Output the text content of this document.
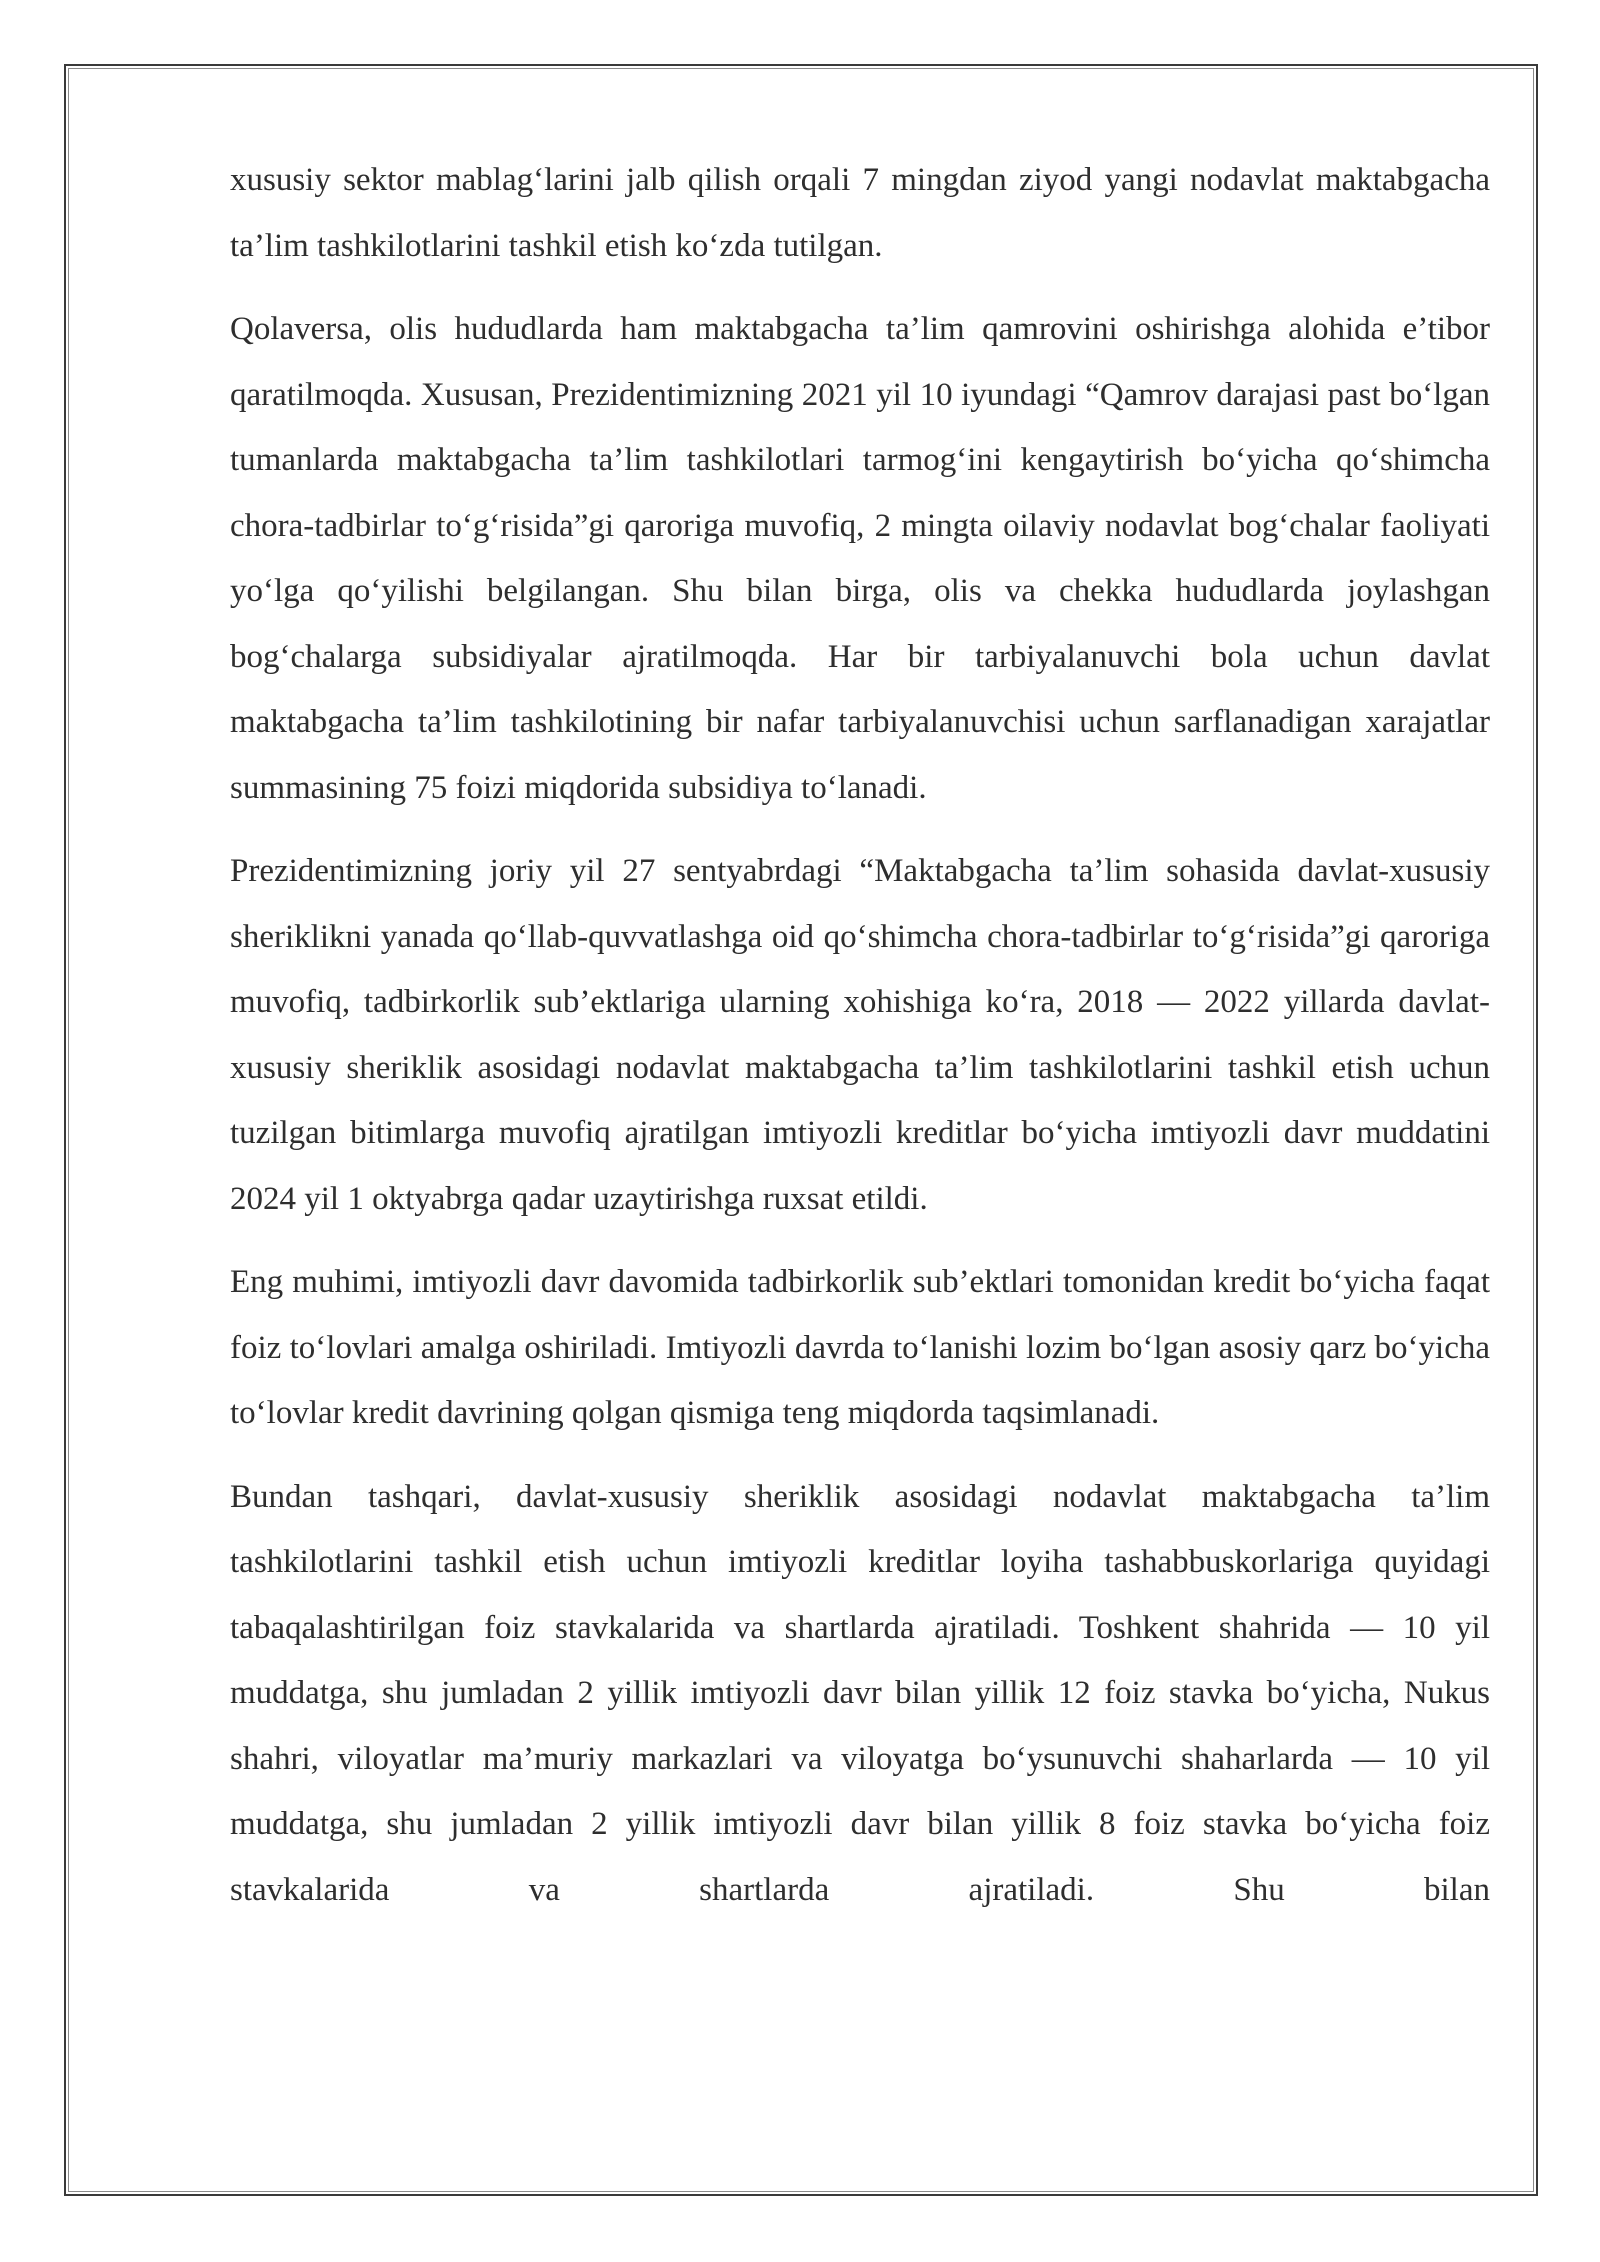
xususiy sektor mablag‘larini jalb qilish orqali 7 mingdan ziyod yangi nodavlat maktabgacha ta’lim tashkilotlarini tashkil etish ko‘zda tutilgan.

Qolaversa, olis hududlarda ham maktabgacha ta’lim qamrovini oshirishga alohida e’tibor qaratilmoqda. Xususan, Prezidentimizning 2021 yil 10 iyundagi “Qamrov darajasi past bo‘lgan tumanlarda maktabgacha ta’lim tashkilotlari tarmog‘ini kengaytirish bo‘yicha qo‘shimcha chora-tadbirlar to‘g‘risida”gi qaroriga muvofiq, 2 mingta oilaviy nodavlat bog‘chalar faoliyati yo‘lga qo‘yilishi belgilangan. Shu bilan birga, olis va chekka hududlarda joylashgan bog‘chalarga subsidiyalar ajratilmoqda. Har bir tarbiyalanuvchi bola uchun davlat maktabgacha ta’lim tashkilotining bir nafar tarbiyalanuvchisi uchun sarflanadigan xarajatlar summasining 75 foizi miqdorida subsidiya to‘lanadi.

Prezidentimizning joriy yil 27 sentyabrdagi “Maktabgacha ta’lim sohasida davlat-xususiy sheriklikni yanada qo‘llab-quvvatlashga oid qo‘shimcha chora-tadbirlar to‘g‘risida”gi qaroriga muvofiq, tadbirkorlik sub’ektlariga ularning xohishiga ko‘ra, 2018 — 2022 yillarda davlat-xususiy sheriklik asosidagi nodavlat maktabgacha ta’lim tashkilotlarini tashkil etish uchun tuzilgan bitimlarga muvofiq ajratilgan imtiyozli kreditlar bo‘yicha imtiyozli davr muddatini 2024 yil 1 oktyabrga qadar uzaytirishga ruxsat etildi.

Eng muhimi, imtiyozli davr davomida tadbirkorlik sub’ektlari tomonidan kredit bo‘yicha faqat foiz to‘lovlari amalga oshiriladi. Imtiyozli davrda to‘lanishi lozim bo‘lgan asosiy qarz bo‘yicha to‘lovlar kredit davrining qolgan qismiga teng miqdorda taqsimlanadi.

Bundan tashqari, davlat-xususiy sheriklik asosidagi nodavlat maktabgacha ta’lim tashkilotlarini tashkil etish uchun imtiyozli kreditlar loyiha tashabbuskorlariga quyidagi tabaqalashtirilgan foiz stavkalarida va shartlarda ajratiladi. Toshkent shahrida — 10 yil muddatga, shu jumladan 2 yillik imtiyozli davr bilan yillik 12 foiz stavka bo‘yicha, Nukus shahri, viloyatlar ma’muriy markazlari va viloyatga bo‘ysunuvchi shaharlarda — 10 yil muddatga, shu jumladan 2 yillik imtiyozli davr bilan yillik 8 foiz stavka bo‘yicha foiz stavkalarida va shartlarda ajratiladi. Shu bilan
